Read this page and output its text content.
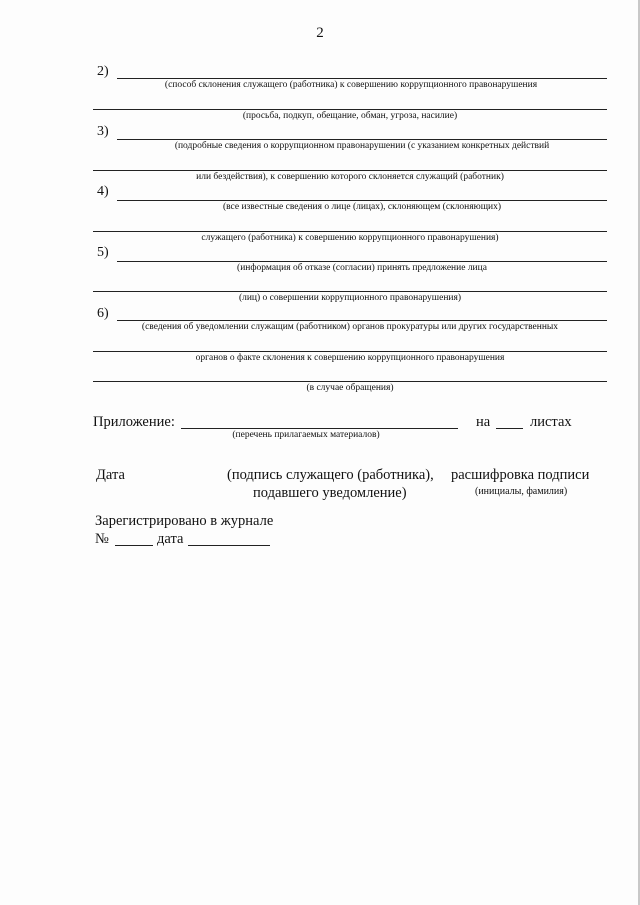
2
2)
(способ склонения служащего (работника) к совершению коррупционного правонарушения
(просьба, подкуп, обещание, обман, угроза, насилие)
3)
(подробные сведения о коррупционном правонарушении (с указанием конкретных действий
или бездействия), к совершению которого склоняется служащий (работник)
4)
(все известные сведения о лице (лицах), склоняющем (склоняющих)
служащего (работника) к совершению коррупционного правонарушения)
5)
(информация об отказе (согласии) принять предложение лица
(лиц) о совершении коррупционного правонарушения)
6)
(сведения об уведомлении служащим (работником) органов прокуратуры или других государственных
органов о факте склонения к совершению коррупционного правонарушения
(в случае обращения)
Приложение:
(перечень прилагаемых материалов)
на	листах
Дата	(подпись служащего (работника),
подавшего уведомление)
расшифровка подписи
(инициалы, фамилия)
Зарегистрировано в журнале
№	дата
